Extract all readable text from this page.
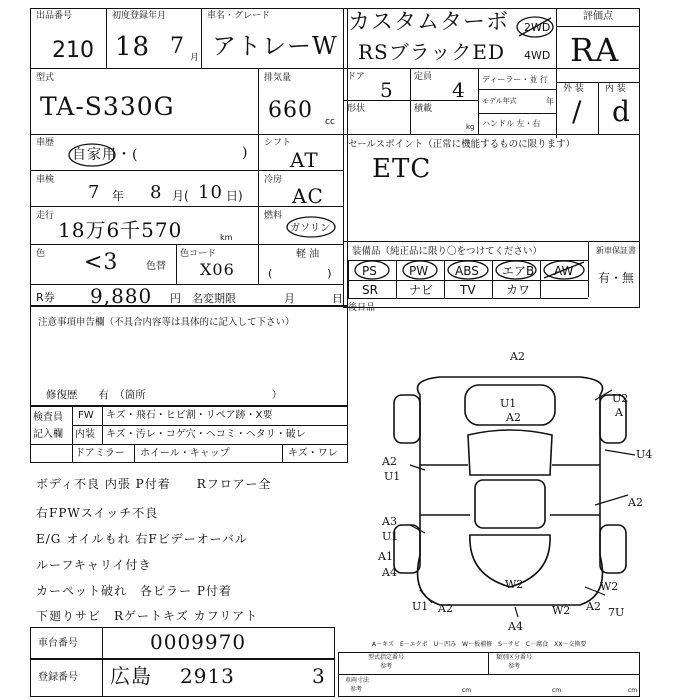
出品番号
210
初度登録年月
18 7 月
車名・グレード
アトレーW
カスタムターボ
RSブラックED
2WD
4WD
評価点
RA
型式
TA-S330G
排気量
660 cc
ドア
5
定員
4
形状	積載
kg
ディーラー・並 行
モデル年式	年
ハンドル 左・右
外 装 内 装
/ d
車歴
自家用・(	)
シフト
AT
車検
7 年 8 月( 10 日)
冷房
AC
走行
18万6千570	km
燃料
ガソリン
軽 油
(　　　　　)
色 <3	色替
色コード
X06
R券 9,880 円 名変期限	月	日
セールスポイント（正常に機能するものに限ります）
ETC
装備品（純正品に限り〇をつけてください）	新車保証書
有・無
PS	PW ABS エアB AW
SR	ナビ TV	カワ
後日品
注意事項申告欄（不具合内容等は具体的に記入して下さい）
修復歴　　有　（箇所　　　　　　　　　　　　）
検査員
記入欄
FW キズ・飛石・ヒビ割・リペア跡・X要
内装 キズ・汚レ・コゲ穴・ヘコミ・ヘタリ・破レ
ドアミラー ホイール・キャップ	キズ・ワレ
ボディ不良 内張 P付着　　Rフロアー全
右FPWスイッチ不良
E/G オイルもれ 右Fビデーオーバル
ルーフキャリイ付き
カーペット破れ　各ピラー P付着
下廻りサビ　Rゲートキズ カフリアト
A2
U1
A2
U2
A
U4
A2
U1
A2
A3
U1
A1
A4
W2	W2
U1 A2
A4
W2 A2 7U
A－キズ　E－エクボ　U－凹み　W－板補修　S－サビ　C－腐食　XX－交換要
車台番号	0009970
登録番号 広島 2913	3
型式指定番号
参考
類別区分番号
参考
車両寸法
参考	cm	cm	cm
